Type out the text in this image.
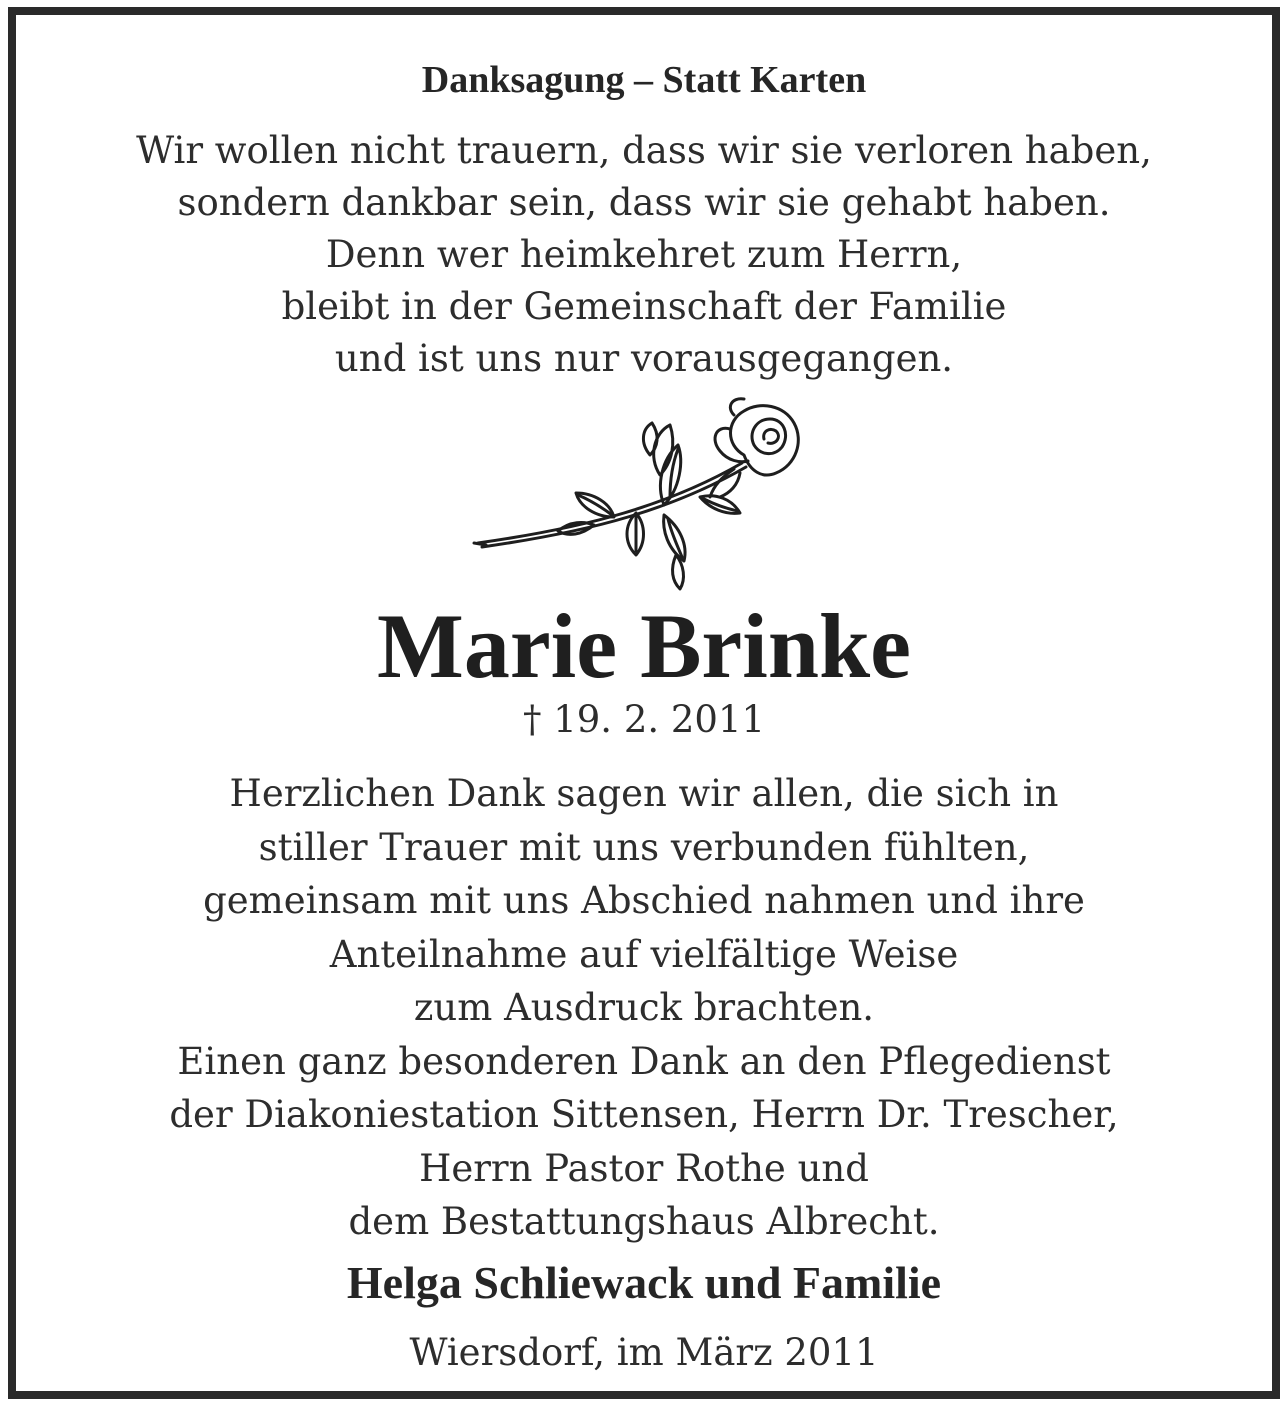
Danksagung – Statt Karten
Wir wollen nicht trauern, dass wir sie verloren haben,
sondern dankbar sein, dass wir sie gehabt haben.
Denn wer heimkehret zum Herrn,
bleibt in der Gemeinschaft der Familie
und ist uns nur vorausgegangen.
Marie Brinke
† 19. 2. 2011
Herzlichen Dank sagen wir allen, die sich in
stiller Trauer mit uns verbunden fühlten,
gemeinsam mit uns Abschied nahmen und ihre
Anteilnahme auf vielfältige Weise
zum Ausdruck brachten.
Einen ganz besonderen Dank an den Pflegedienst
der Diakoniestation Sittensen, Herrn Dr. Trescher,
Herrn Pastor Rothe und
dem Bestattungshaus Albrecht.
Helga Schliewack und Familie
Wiersdorf, im März 2011
